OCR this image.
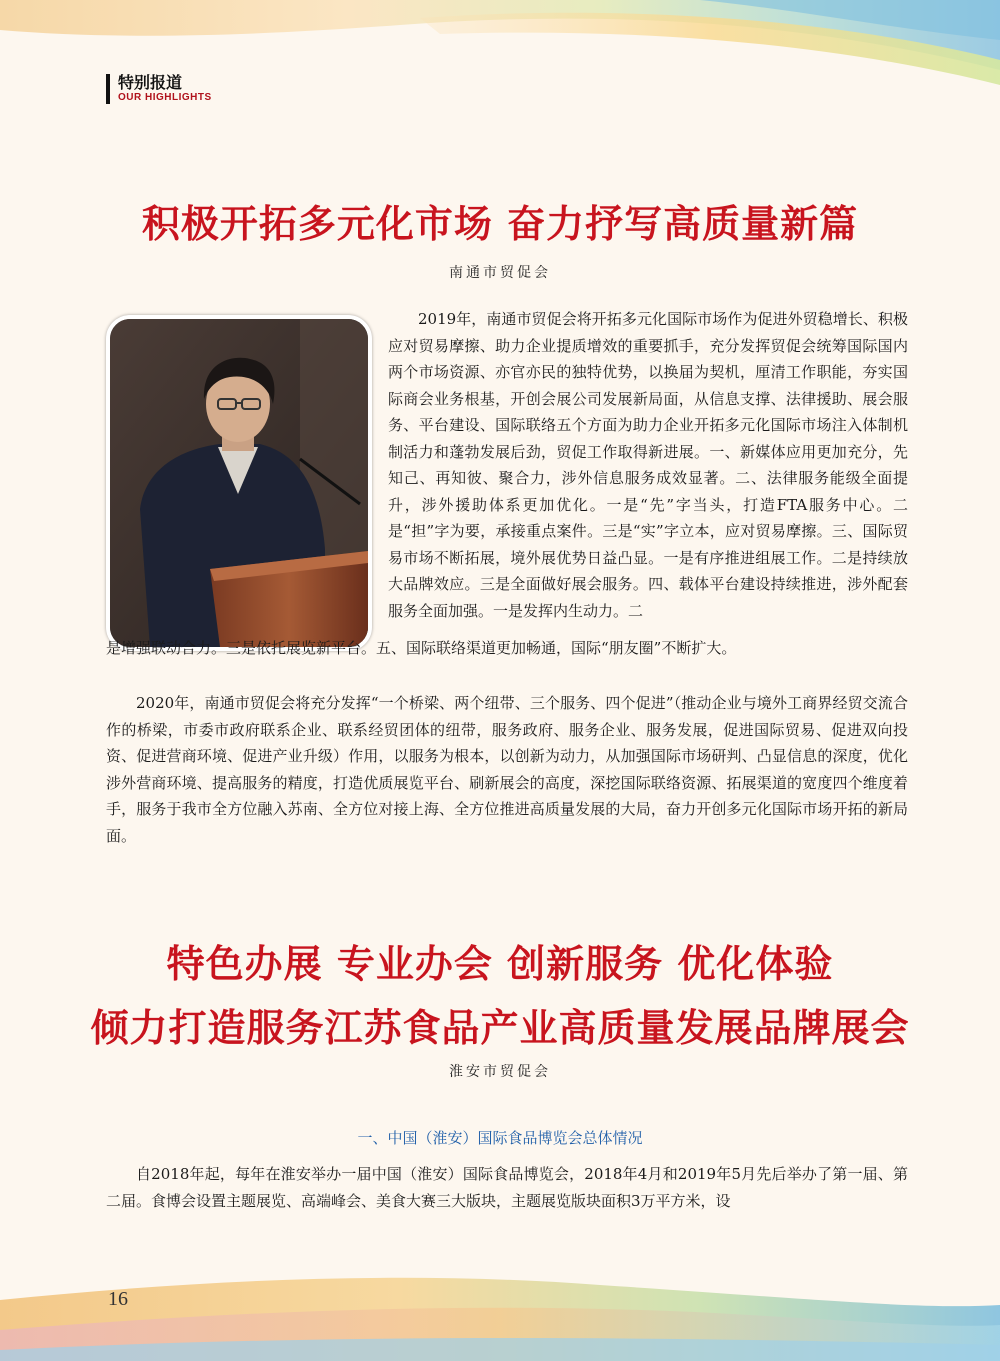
特别报道
OUR HIGHLIGHTS
积极开拓多元化市场 奋力抒写高质量新篇
南通市贸促会
2019年，南通市贸促会将开拓多元化国际市场作为促进外贸稳增长、积极应对贸易摩擦、助力企业提质增效的重要抓手，充分发挥贸促会统筹国际国内两个市场资源、亦官亦民的独特优势，以换届为契机，厘清工作职能，夯实国际商会业务根基，开创会展公司发展新局面，从信息支撑、法律援助、展会服务、平台建设、国际联络五个方面为助力企业开拓多元化国际市场注入体制机制活力和蓬勃发展后劲，贸促工作取得新进展。一、新媒体应用更加充分，先知己、再知彼、聚合力，涉外信息服务成效显著。二、法律服务能级全面提升，涉外援助体系更加优化。一是“先”字当头，打造FTA服务中心。二是“担”字为要，承接重点案件。三是“实”字立本，应对贸易摩擦。三、国际贸易市场不断拓展，境外展优势日益凸显。一是有序推进组展工作。二是持续放大品牌效应。三是全面做好展会服务。四、载体平台建设持续推进，涉外配套服务全面加强。一是发挥内生动力。二
是增强联动合力。三是依托展览新平台。五、国际联络渠道更加畅通，国际“朋友圈”不断扩大。
2020年，南通市贸促会将充分发挥“一个桥梁、两个纽带、三个服务、四个促进”（推动企业与境外工商界经贸交流合作的桥梁，市委市政府联系企业、联系经贸团体的纽带，服务政府、服务企业、服务发展，促进国际贸易、促进双向投资、促进营商环境、促进产业升级）作用，以服务为根本，以创新为动力，从加强国际市场研判、凸显信息的深度，优化涉外营商环境、提高服务的精度，打造优质展览平台、刷新展会的高度，深挖国际联络资源、拓展渠道的宽度四个维度着手，服务于我市全方位融入苏南、全方位对接上海、全方位推进高质量发展的大局，奋力开创多元化国际市场开拓的新局面。
特色办展 专业办会 创新服务 优化体验
倾力打造服务江苏食品产业高质量发展品牌展会
淮安市贸促会
一、中国（淮安）国际食品博览会总体情况
自2018年起，每年在淮安举办一届中国（淮安）国际食品博览会，2018年4月和2019年5月先后举办了第一届、第二届。食博会设置主题展览、高端峰会、美食大赛三大版块，主题展览版块面积3万平方米，设
16
